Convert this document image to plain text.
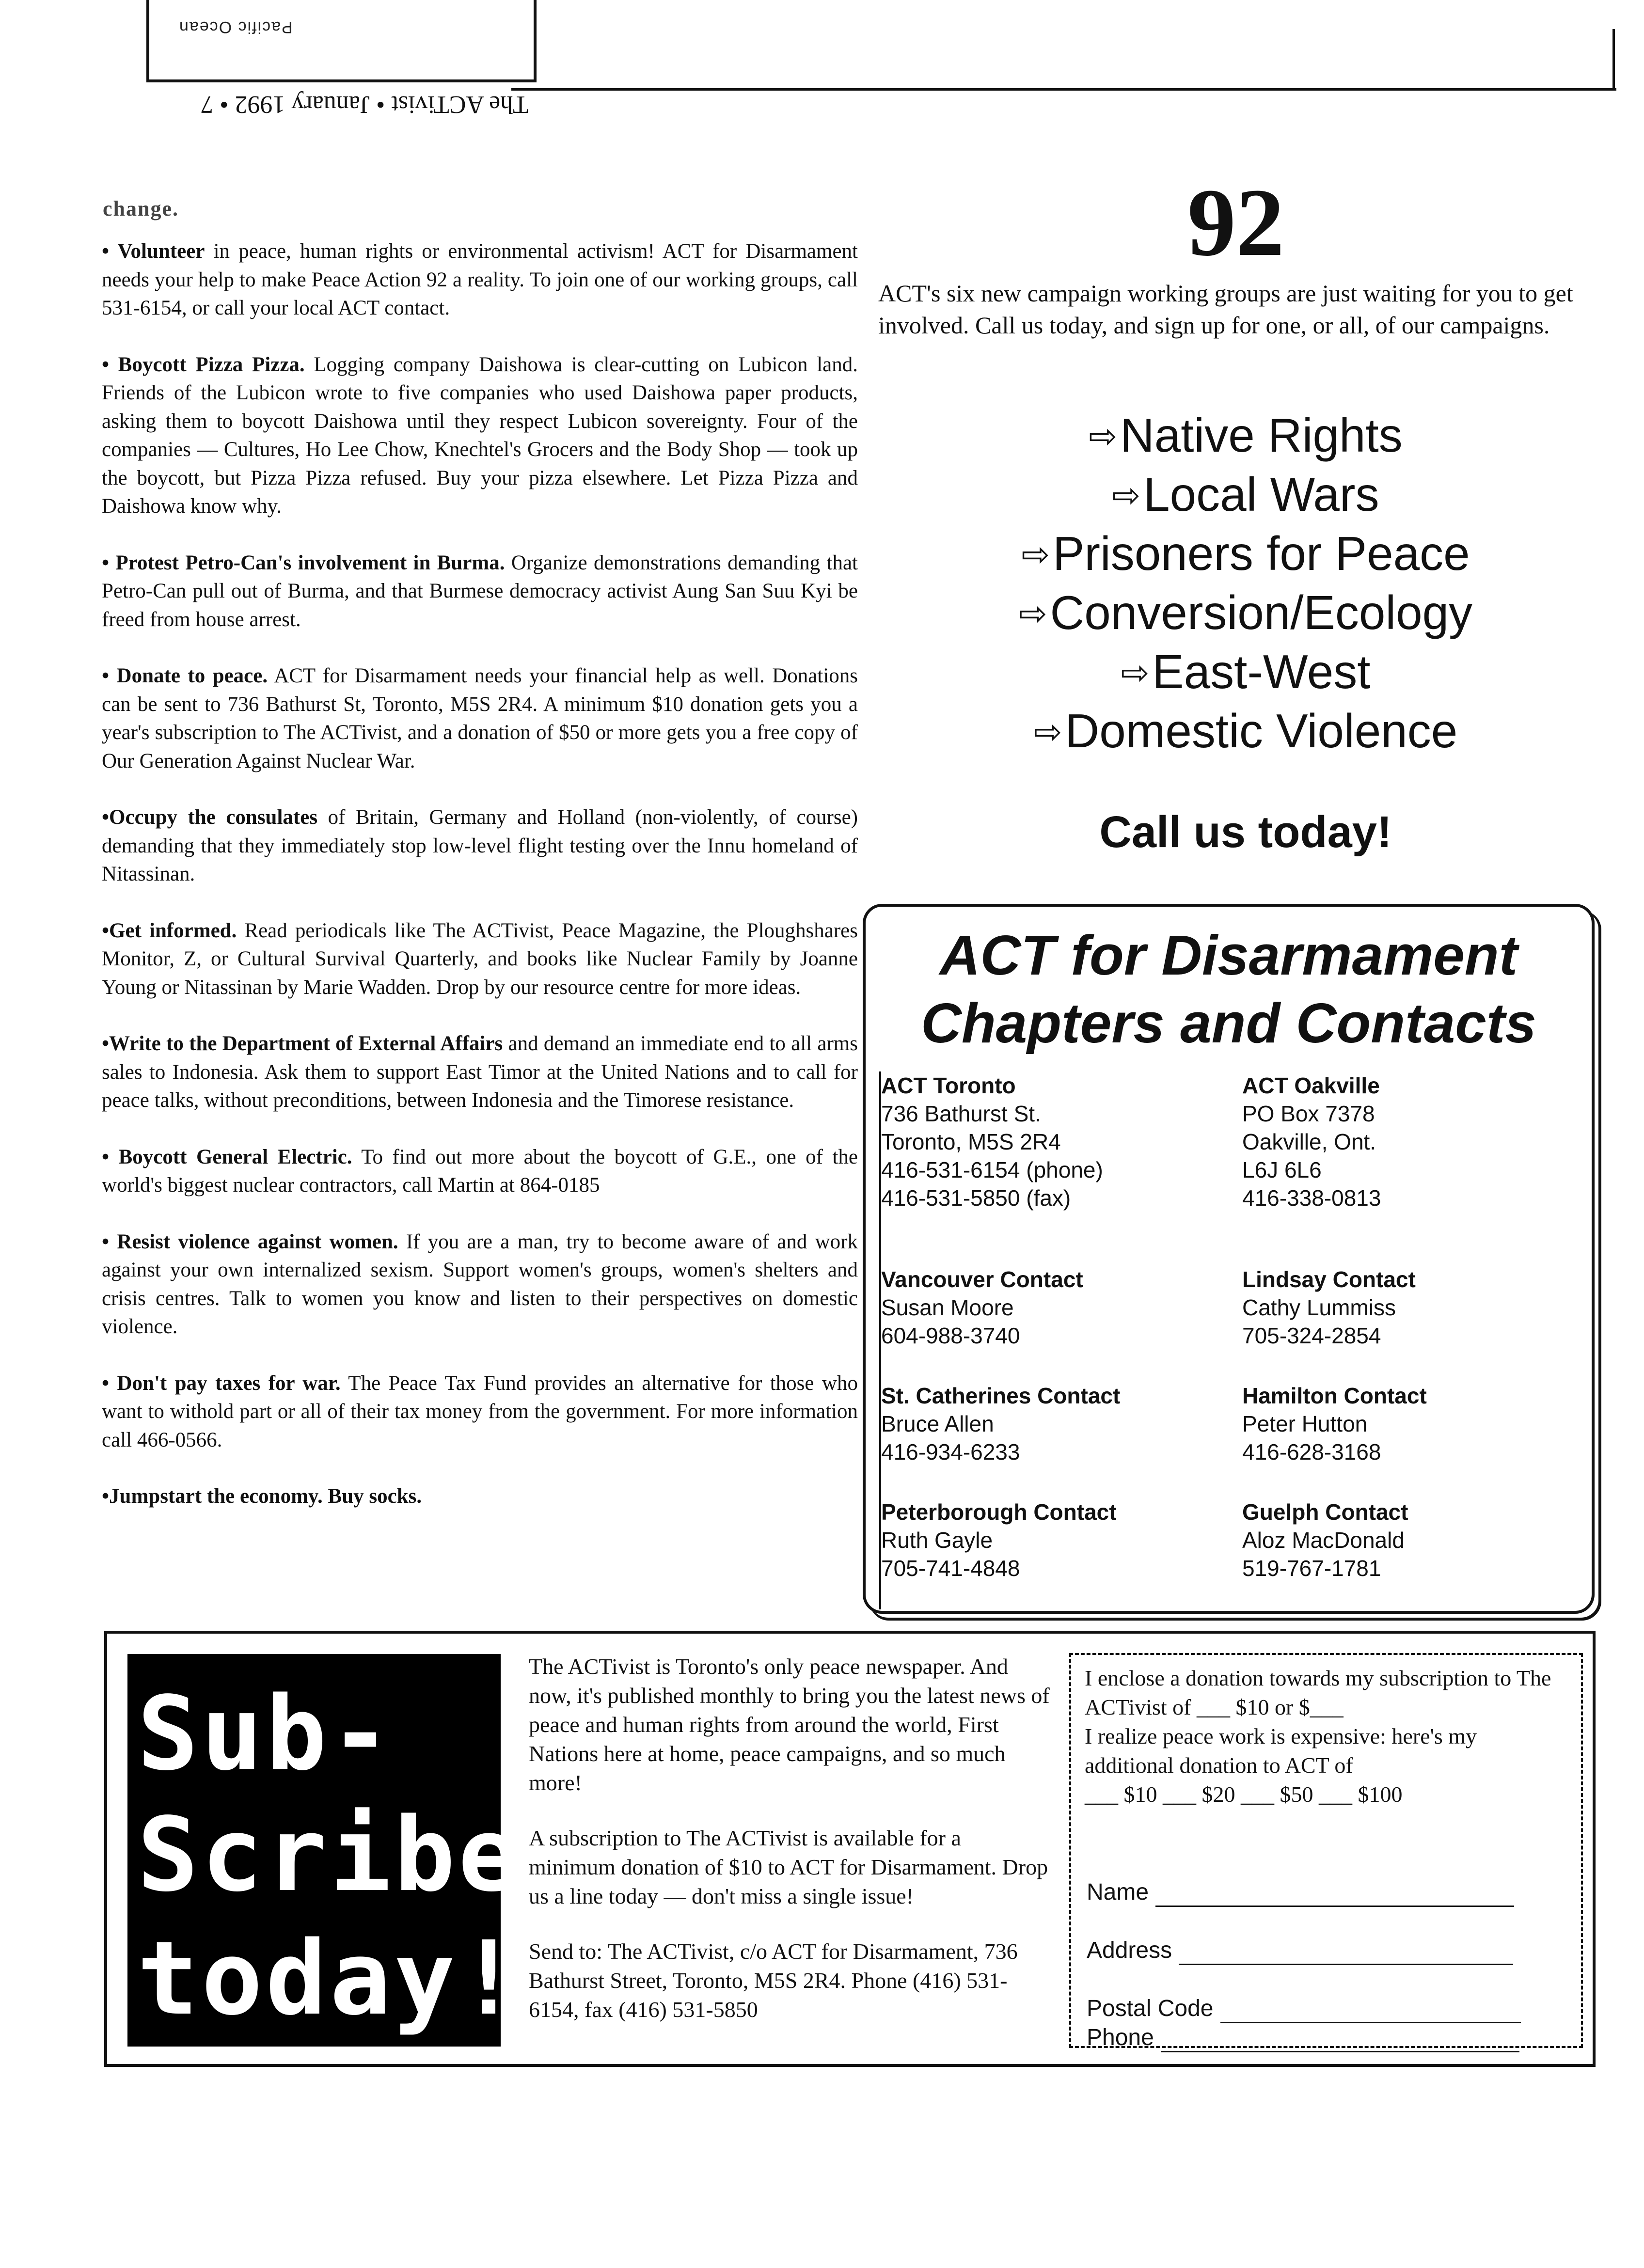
Pacific Ocean
The ACTivist • January 1992 • 7
change.
• Volunteer in peace, human rights or environmental activism! ACT for Disarmament needs your help to make Peace Action 92 a reality. To join one of our working groups, call 531-6154, or call your local ACT contact.
• Boycott Pizza Pizza. Logging company Daishowa is clear-cutting on Lubicon land. Friends of the Lubicon wrote to five companies who used Daishowa paper products, asking them to boycott Daishowa until they respect Lubicon sovereignty. Four of the companies — Cultures, Ho Lee Chow, Knechtel's Grocers and the Body Shop — took up the boycott, but Pizza Pizza refused. Buy your pizza elsewhere. Let Pizza Pizza and Daishowa know why.
• Protest Petro-Can's involvement in Burma. Organize demonstrations demanding that Petro-Can pull out of Burma, and that Burmese democracy activist Aung San Suu Kyi be freed from house arrest.
• Donate to peace. ACT for Disarmament needs your financial help as well. Donations can be sent to 736 Bathurst St, Toronto, M5S 2R4. A minimum $10 donation gets you a year's subscription to The ACTivist, and a donation of $50 or more gets you a free copy of Our Generation Against Nuclear War.
•Occupy the consulates of Britain, Germany and Holland (non-violently, of course) demanding that they immediately stop low-level flight testing over the Innu homeland of Nitassinan.
•Get informed. Read periodicals like The ACTivist, Peace Magazine, the Ploughshares Monitor, Z, or Cultural Survival Quarterly, and books like Nuclear Family by Joanne Young or Nitassinan by Marie Wadden. Drop by our resource centre for more ideas.
•Write to the Department of External Affairs and demand an immediate end to all arms sales to Indonesia. Ask them to support East Timor at the United Nations and to call for peace talks, without preconditions, between Indonesia and the Timorese resistance.
• Boycott General Electric. To find out more about the boycott of G.E., one of the world's biggest nuclear contractors, call Martin at 864-0185
• Resist violence against women. If you are a man, try to become aware of and work against your own internalized sexism. Support women's groups, women's shelters and crisis centres. Talk to women you know and listen to their perspectives on domestic violence.
• Don't pay taxes for war. The Peace Tax Fund provides an alternative for those who want to withold part or all of their tax money from the government. For more information call 466-0566.
•Jumpstart the economy. Buy socks.
92
ACT's six new campaign working groups are just waiting for you to get involved. Call us today, and sign up for one, or all, of our campaigns.
⇨Native Rights
⇨Local Wars
⇨Prisoners for Peace
⇨Conversion/Ecology
⇨East-West
⇨Domestic Violence
Call us today!
ACT for Disarmament
Chapters and Contacts
ACT Toronto
736 Bathurst St.
Toronto, M5S 2R4
416-531-6154 (phone)
416-531-5850 (fax)
ACT Oakville
PO Box 7378
Oakville, Ont.
L6J 6L6
416-338-0813
Vancouver Contact
Susan Moore
604-988-3740
Lindsay Contact
Cathy Lummiss
705-324-2854
St. Catherines Contact
Bruce Allen
416-934-6233
Hamilton Contact
Peter Hutton
416-628-3168
Peterborough Contact
Ruth Gayle
705-741-4848
Guelph Contact
Aloz MacDonald
519-767-1781
Sub-
Scribe
today!

The ACTivist is Toronto's only peace newspaper. And now, it's published monthly to bring you the latest news of peace and human rights from around the world, First Nations here at home, peace campaigns, and so much more!

A subscription to The ACTivist is available for a minimum donation of $10 to ACT for Disarmament. Drop us a line today — don't miss a single issue!

Send to: The ACTivist, c/o ACT for Disarmament, 736 Bathurst Street, Toronto, M5S 2R4. Phone (416) 531-6154, fax (416) 531-5850

I enclose a donation towards my subscription to The ACTivist of ___ $10 or $___
I realize peace work is expensive: here's my additional donation to ACT of
___ $10 ___ $20 ___ $50 ___ $100
Name
Address
Postal Code
Phone
